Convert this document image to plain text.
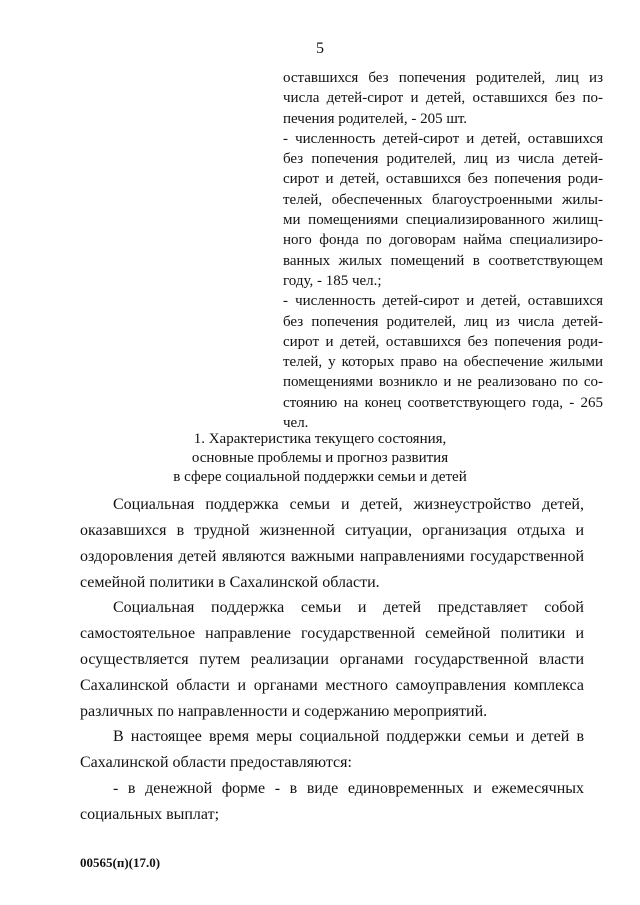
5
оставшихся без попечения родителей, лиц из
числа детей-сирот и детей, оставшихся без по-
печения родителей, - 205 шт.
- численность детей-сирот и детей, оставшихся
без попечения родителей, лиц из числа детей-
сирот и детей, оставшихся без попечения роди-
телей, обеспеченных благоустроенными жилы-
ми помещениями специализированного жилищ-
ного фонда по договорам найма специализиро-
ванных жилых помещений в соответствующем
году, - 185 чел.;
- численность детей-сирот и детей, оставшихся
без попечения родителей, лиц из числа детей-
сирот и детей, оставшихся без попечения роди-
телей, у которых право на обеспечение жилыми
помещениями возникло и не реализовано по со-
стоянию на конец соответствующего года, - 265
чел.
1. Характеристика текущего состояния,
основные проблемы и прогноз развития
в сфере социальной поддержки семьи и детей
Социальная поддержка семьи и детей, жизнеустройство детей,
оказавшихся в трудной жизненной ситуации, организация отдыха и
оздоровления детей являются важными направлениями государственной
семейной политики в Сахалинской области.
Социальная поддержка семьи и детей представляет собой
самостоятельное направление государственной семейной политики и
осуществляется путем реализации органами государственной власти
Сахалинской области и органами местного самоуправления комплекса
различных по направленности и содержанию мероприятий.
В настоящее время меры социальной поддержки семьи и детей в
Сахалинской области предоставляются:
- в денежной форме - в виде единовременных и ежемесячных
социальных выплат;
00565(п)(17.0)
